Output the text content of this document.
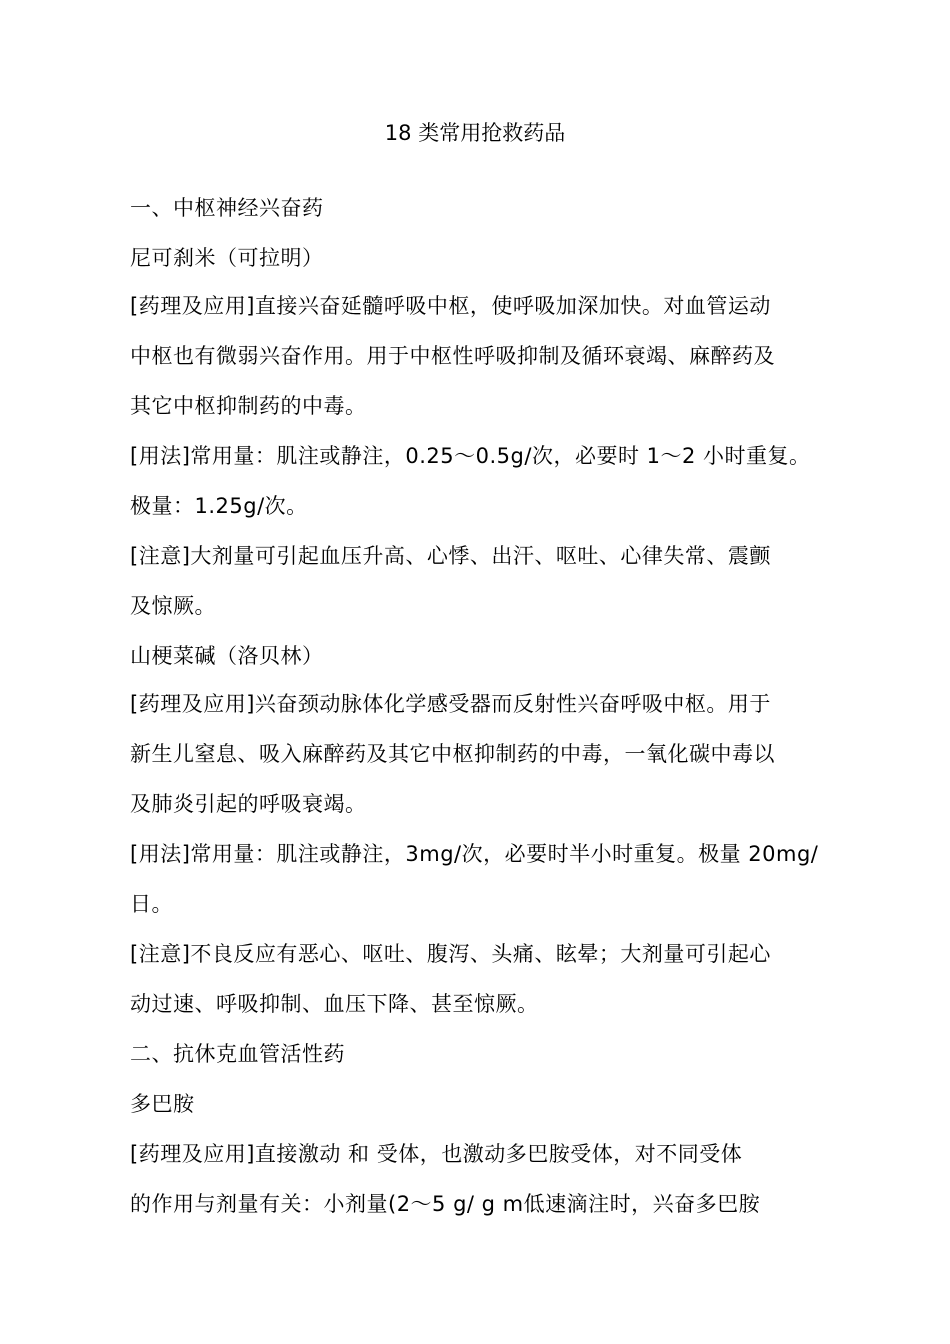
18 类常用抢救药品
一、中枢神经兴奋药
尼可刹米（可拉明）
[药理及应用]直接兴奋延髓呼吸中枢，使呼吸加深加快。对血管运动
中枢也有微弱兴奋作用。用于中枢性呼吸抑制及循环衰竭、麻醉药及
其它中枢抑制药的中毒。
[用法]常用量：肌注或静注，0.25～0.5g/次，必要时 1～2 小时重复。
极量：1.25g/次。
[注意]大剂量可引起血压升高、心悸、出汗、呕吐、心律失常、震颤
及惊厥。
山梗菜碱（洛贝林）
[药理及应用]兴奋颈动脉体化学感受器而反射性兴奋呼吸中枢。用于
新生儿窒息、吸入麻醉药及其它中枢抑制药的中毒，一氧化碳中毒以
及肺炎引起的呼吸衰竭。
[用法]常用量：肌注或静注，3mg/次，必要时半小时重复。极量 20mg/
日。
[注意]不良反应有恶心、呕吐、腹泻、头痛、眩晕；大剂量可引起心
动过速、呼吸抑制、血压下降、甚至惊厥。
二、抗休克血管活性药
多巴胺
[药理及应用]直接激动 和 受体，也激动多巴胺受体，对不同受体
的作用与剂量有关：小剂量(2～5 g/ g m低速滴注时，兴奋多巴胺
